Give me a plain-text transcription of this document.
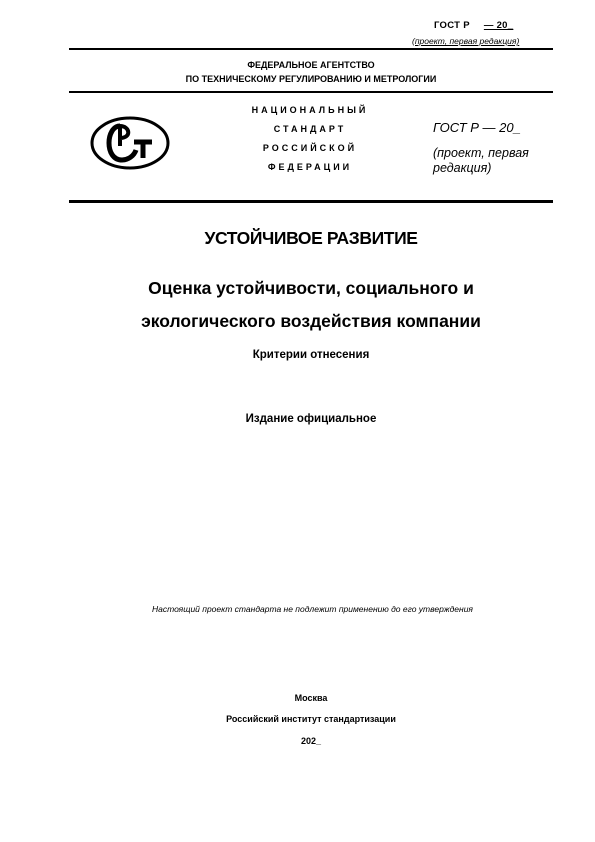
ГОСТ Р — 20_
(проект, первая редакция)
ФЕДЕРАЛЬНОЕ АГЕНТСТВО
ПО ТЕХНИЧЕСКОМУ РЕГУЛИРОВАНИЮ И МЕТРОЛОГИИ
НАЦИОНАЛЬНЫЙ
СТАНДАРТ
РОССИЙСКОЙ
ФЕДЕРАЦИИ
ГОСТ Р — 20_
(проект, первая редакция)
УСТОЙЧИВОЕ РАЗВИТИЕ
Оценка устойчивости, социального и
экологического воздействия компании
Критерии отнесения
Издание официальное
Настоящий проект стандарта не подлежит применению до его утверждения
Москва
Российский институт стандартизации
202_
